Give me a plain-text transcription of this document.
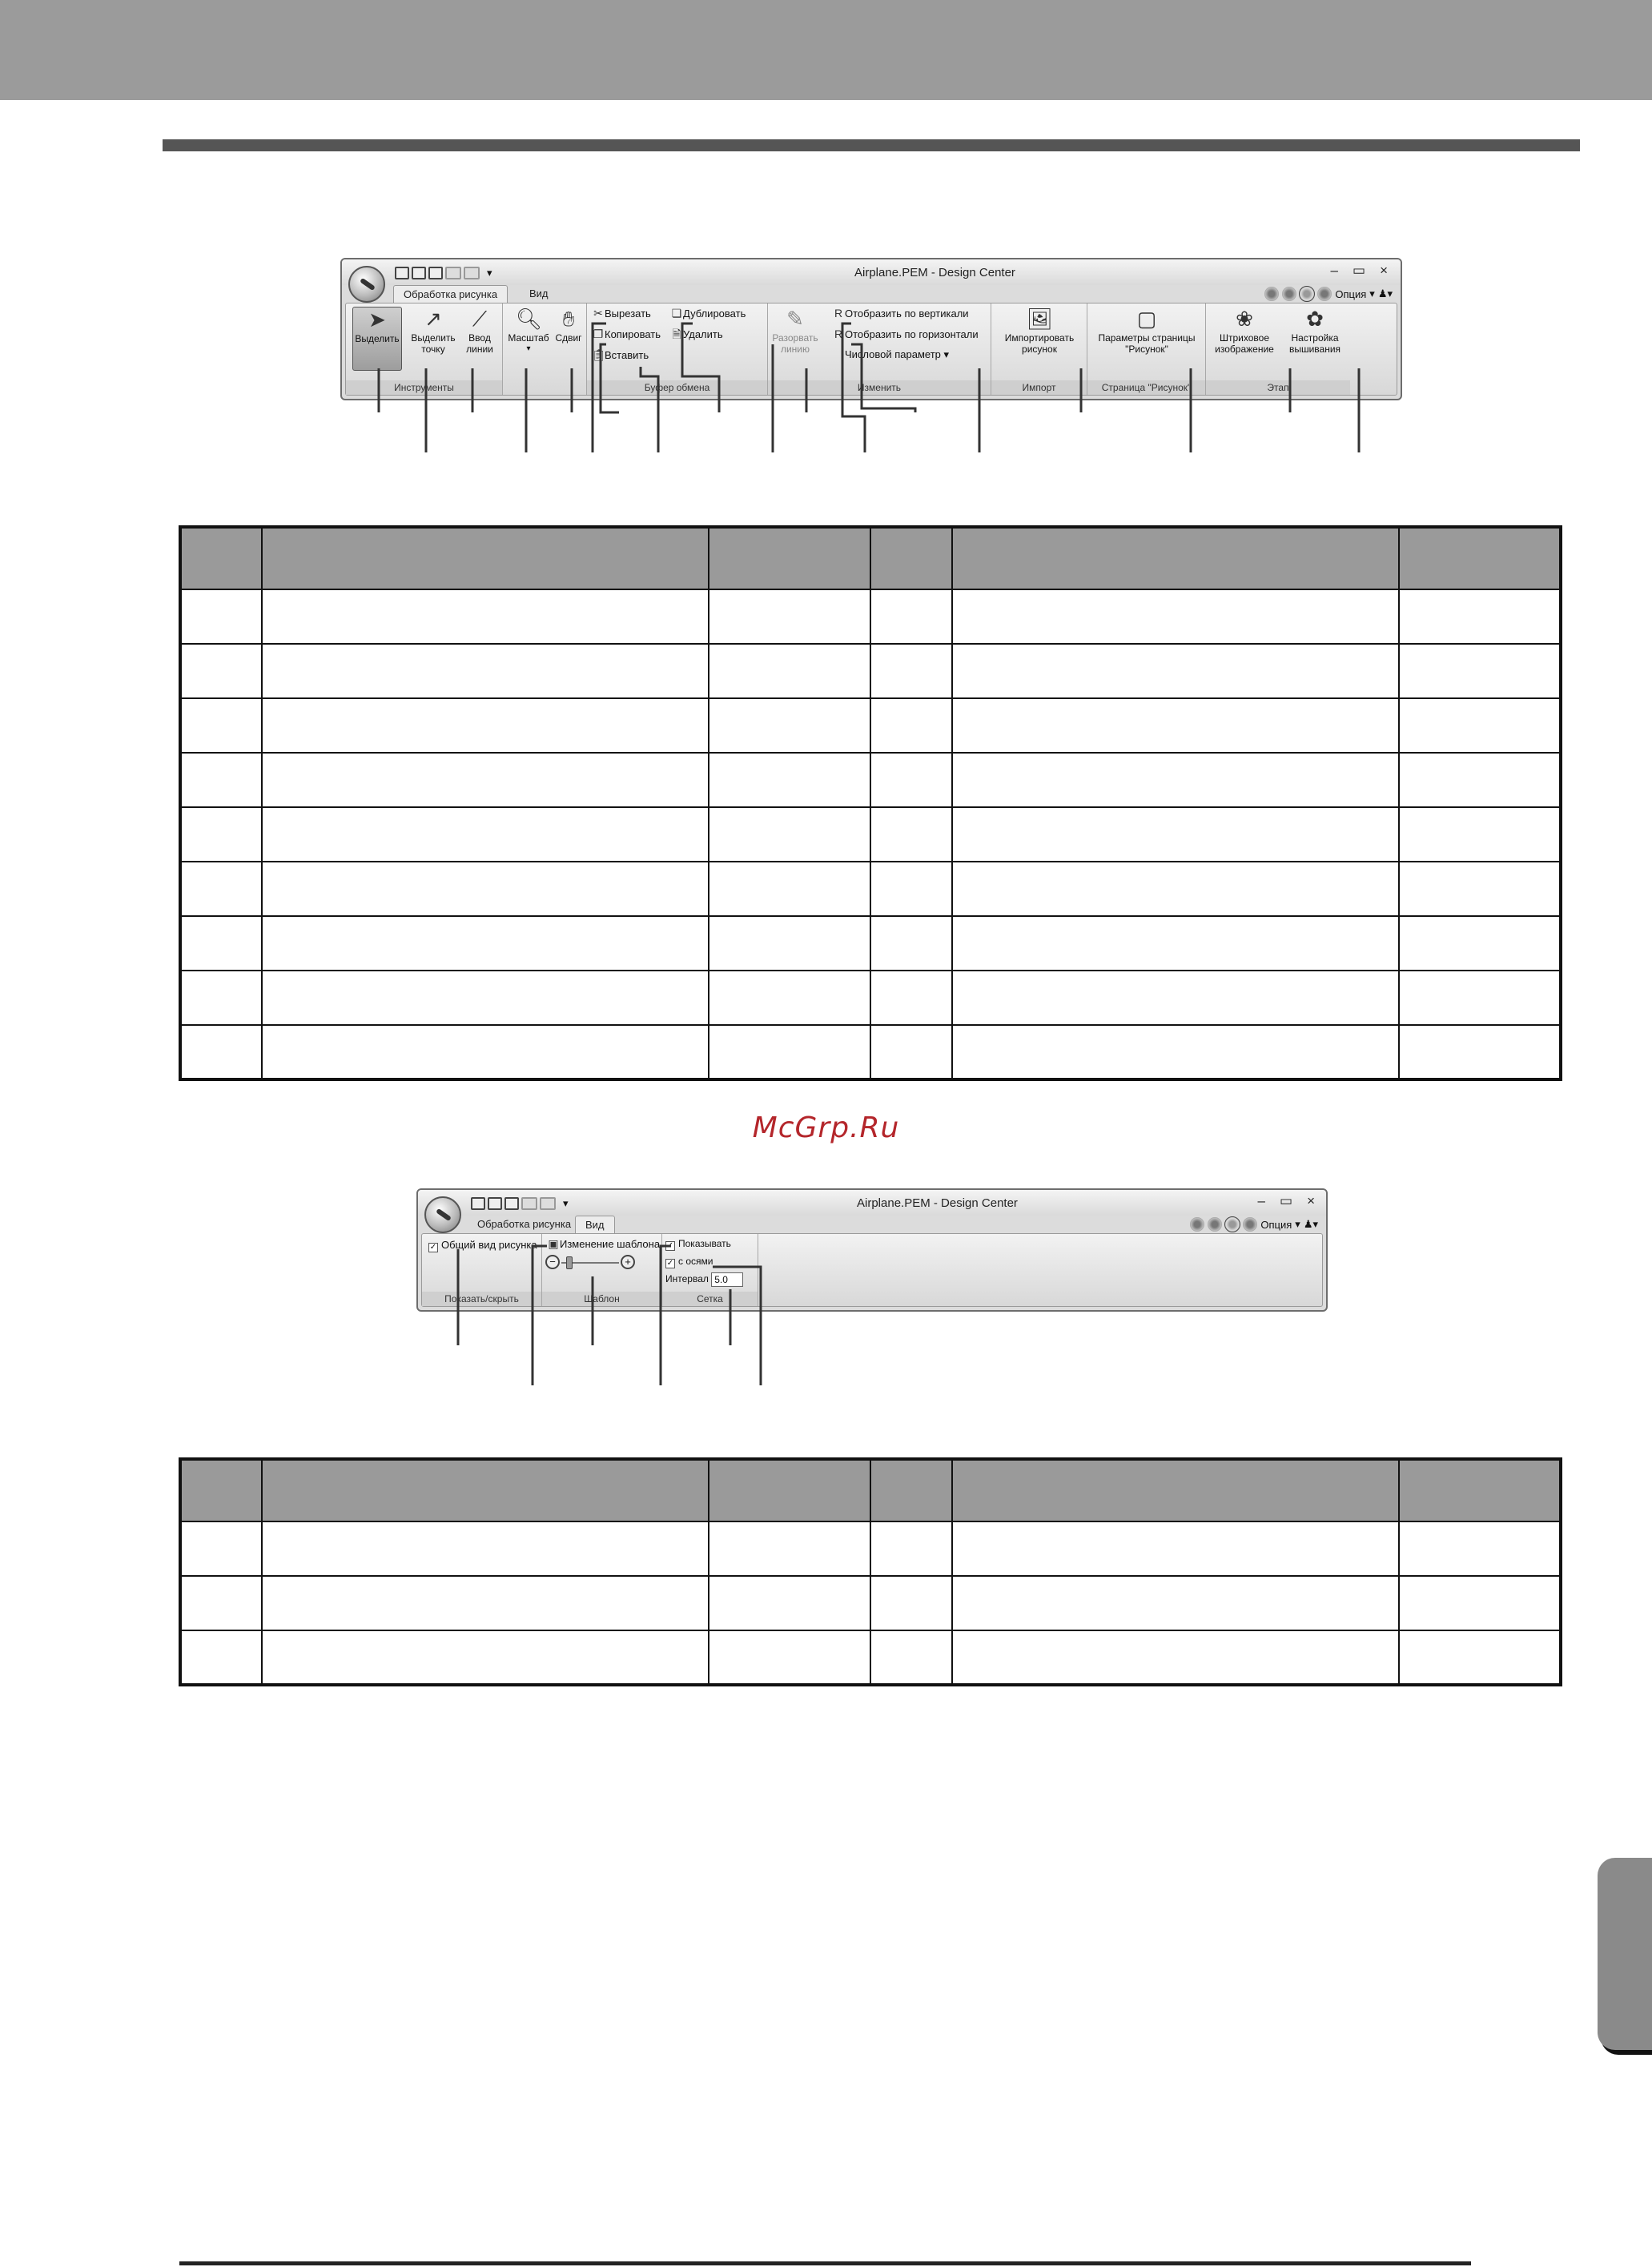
▾	Airplane.PEM - Design Center	– ▭ ×
Обработка рисунка	Вид	Опция ▾ ♟▾
➤
Выделить
↗
Выделить точку
⟋
Ввод линии
Инструменты
🔍︎
Масштаб
▾
✋︎
Сдвиг
✂ Вырезать
❐ Копировать
📋︎Вставить
❏ Дублировать
🗎︎ Удалить
Буфер обмена
✎
Разорвать линию
R Отобразить по вертикали
R Отобразить по горизонтали
Числовой параметр ▾
Изменить
🖼︎
Импортировать рисунок
Импорт
▢
Параметры страницы "Рисунок"
Страница "Рисунок"
❀
Штриховое изображение
✿
Настройка вышивания
Этап

McGrp.Ru
▾	Airplane.PEM - Design Center	– ▭ ×
Обработка рисунка	Вид	Опция ▾ ♟▾
✓ Общий вид рисунка
Показать/скрыть
▣Изменение шаблона
−	+
Шаблон
✓ Показывать
✓ с осями
Интервал 5.0
Сетка
